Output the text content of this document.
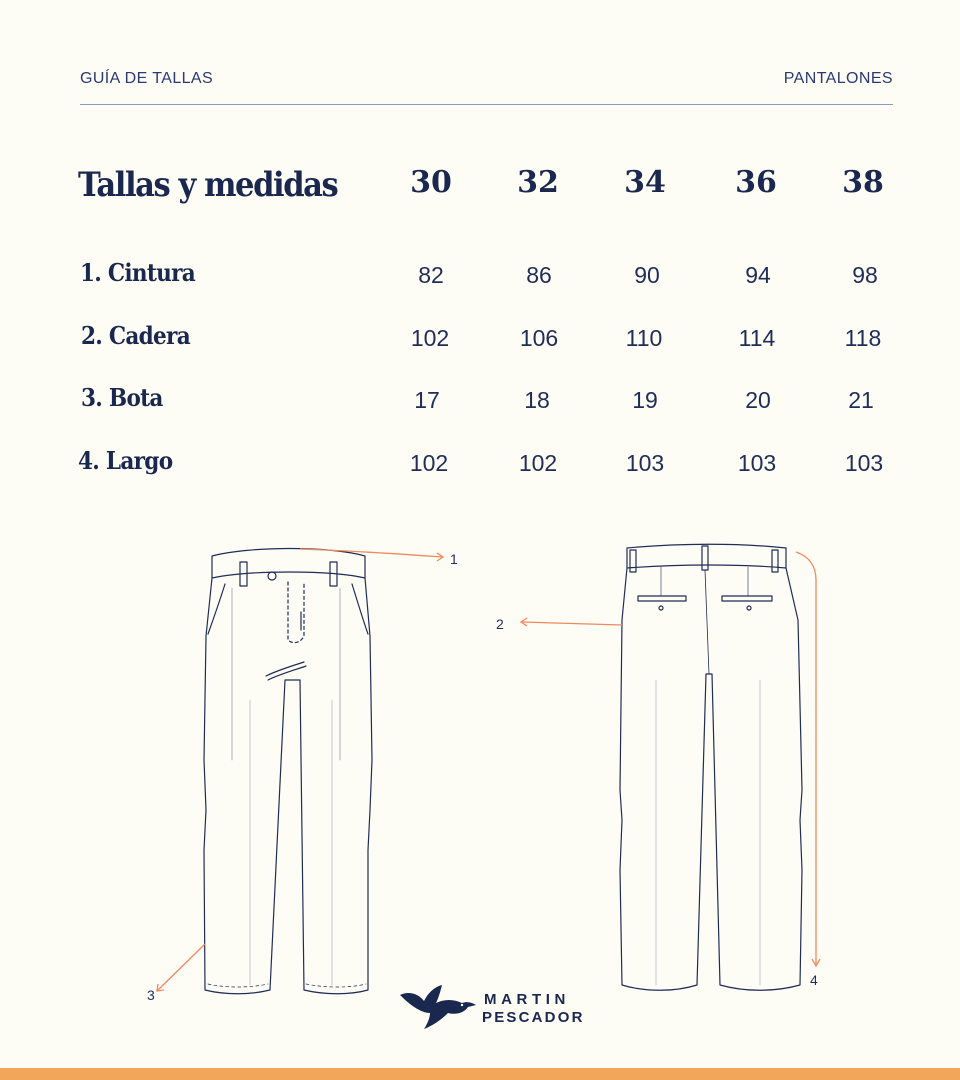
GUÍA DE TALLAS	PANTALONES
Tallas y medidas	30	32	34	36	38
1. Cintura	82	86	90	94	98
2. Cadera	102	106	110	114	118
3. Bota	17	18	19	20	21
4. Largo	102	102	103	103	103
1
2
3
4
MARTIN
PESCADOR
